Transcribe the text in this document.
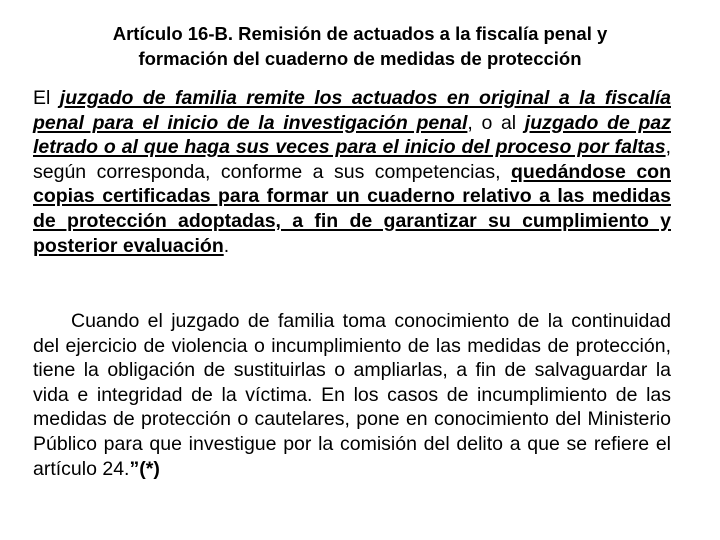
Artículo 16-B. Remisión de actuados a la fiscalía penal y
formación del cuaderno de medidas de protección

El juzgado de familia remite los actuados en original a la fiscalía penal para el inicio de la investigación penal, o al juzgado de paz letrado o al que haga sus veces para el inicio del proceso por faltas, según corresponda, conforme a sus competencias, quedándose con copias certificadas para formar un cuaderno relativo a las medidas de protección adoptadas, a fin de garantizar su cumplimiento y posterior evaluación.

Cuando el juzgado de familia toma conocimiento de la continuidad del ejercicio de violencia o incumplimiento de las medidas de protección, tiene la obligación de sustituirlas o ampliarlas, a fin de salvaguardar la vida e integridad de la víctima. En los casos de incumplimiento de las medidas de protección o cautelares, pone en conocimiento del Ministerio Público para que investigue por la comisión del delito a que se refiere el artículo 24.”(*)
